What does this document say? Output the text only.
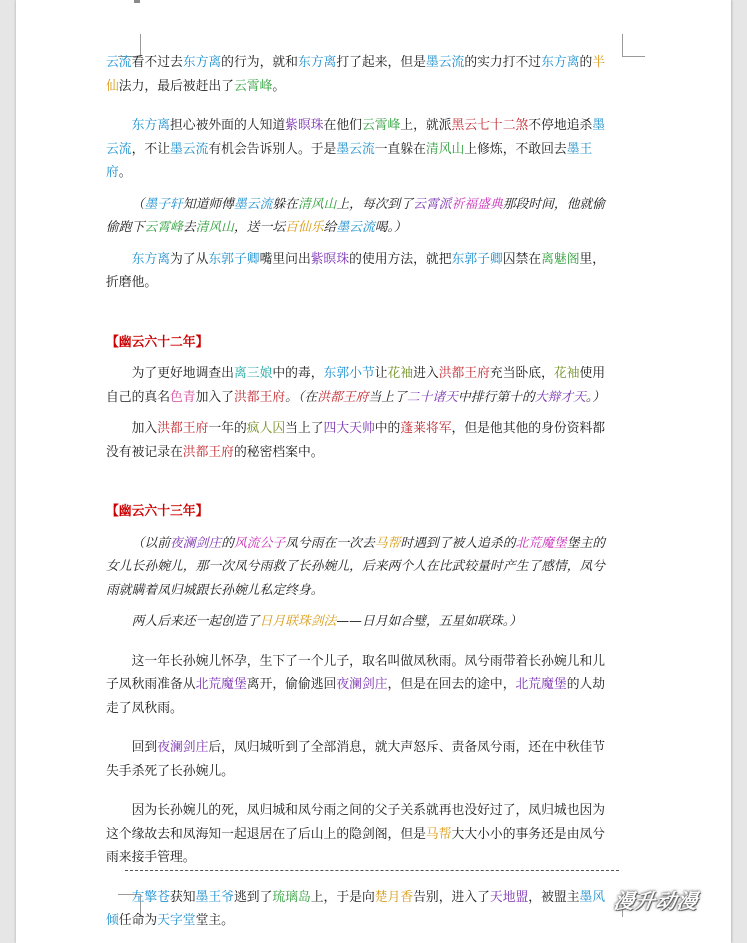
云流看不过去东方离的行为，就和东方离打了起来，但是墨云流的实力打不过东方离的半仙法力，最后被赶出了云霄峰。

东方离担心被外面的人知道紫暝珠在他们云霄峰上，就派黑云七十二煞不停地追杀墨云流，不让墨云流有机会告诉别人。于是墨云流一直躲在清风山上修炼，不敢回去墨王府。

（墨子轩知道师傅墨云流躲在清风山上，每次到了云霄派祈福盛典那段时间，他就偷偷跑下云霄峰去清风山，送一坛百仙乐给墨云流喝。）

东方离为了从东郭子卿嘴里问出紫暝珠的使用方法，就把东郭子卿囚禁在离魅阁里，折磨他。

【幽云六十二年】

为了更好地调查出离三娘中的毒，东郭小节让花袖进入洪都王府充当卧底，花袖使用自己的真名色青加入了洪都王府。（在洪都王府当上了二十诸天中排行第十的大辩才天。）

加入洪都王府一年的疯人囚当上了四大天帅中的蓬莱将军，但是他其他的身份资料都没有被记录在洪都王府的秘密档案中。

【幽云六十三年】

（以前夜澜剑庄的风流公子凤兮雨在一次去马帮时遇到了被人追杀的北荒魔堡堡主的女儿长孙婉儿，那一次凤兮雨救了长孙婉儿，后来两个人在比武较量时产生了感情，凤兮雨就瞒着凤归城跟长孙婉儿私定终身。

两人后来还一起创造了日月联珠剑法——日月如合璧，五星如联珠。）

这一年长孙婉儿怀孕，生下了一个儿子，取名叫做凤秋雨。凤兮雨带着长孙婉儿和儿子凤秋雨准备从北荒魔堡离开，偷偷逃回夜澜剑庄，但是在回去的途中，北荒魔堡的人劫走了凤秋雨。

回到夜澜剑庄后，凤归城听到了全部消息，就大声怒斥、责备凤兮雨，还在中秋佳节失手杀死了长孙婉儿。

因为长孙婉儿的死，凤归城和凤兮雨之间的父子关系就再也没好过了，凤归城也因为这个缘故去和凤海知一起退居在了后山上的隐剑阁，但是马帮大大小小的事务还是由凤兮雨来接手管理。

左擎苍获知墨王爷逃到了琉璃岛上，于是向楚月香告别，进入了天地盟，被盟主墨风倾任命为天字堂堂主。

漫升动漫
